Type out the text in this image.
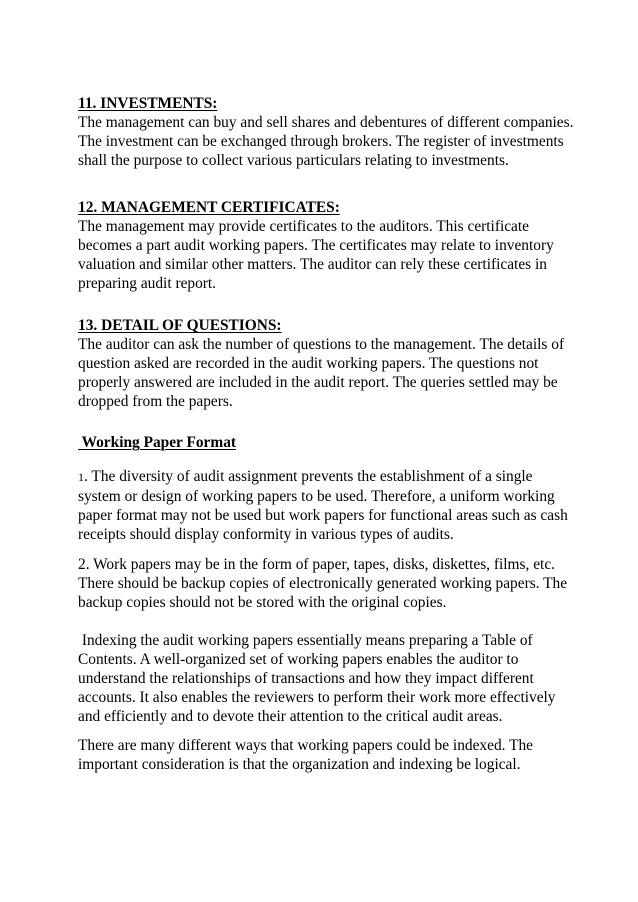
11. INVESTMENTS:

The management can buy and sell shares and debentures of different companies.

The investment can be exchanged through brokers. The register of investments

shall the purpose to collect various particulars relating to investments.

12. MANAGEMENT CERTIFICATES:

The management may provide certificates to the auditors. This certificate

becomes a part audit working papers. The certificates may relate to inventory

valuation and similar other matters. The auditor can rely these certificates in

preparing audit report.

13. DETAIL OF QUESTIONS:

The auditor can ask the number of questions to the management. The details of

question asked are recorded in the audit working papers. The questions not

properly answered are included in the audit report. The queries settled may be

dropped from the papers.

Working Paper Format

1. The diversity of audit assignment prevents the establishment of a single

system or design of working papers to be used. Therefore, a uniform working

paper format may not be used but work papers for functional areas such as cash

receipts should display conformity in various types of audits.

2. Work papers may be in the form of paper, tapes, disks, diskettes, films, etc.

There should be backup copies of electronically generated working papers. The

backup copies should not be stored with the original copies.

Indexing the audit working papers essentially means preparing a Table of

Contents. A well-organized set of working papers enables the auditor to

understand the relationships of transactions and how they impact different

accounts. It also enables the reviewers to perform their work more effectively

and efficiently and to devote their attention to the critical audit areas.

There are many different ways that working papers could be indexed. The

important consideration is that the organization and indexing be logical.
